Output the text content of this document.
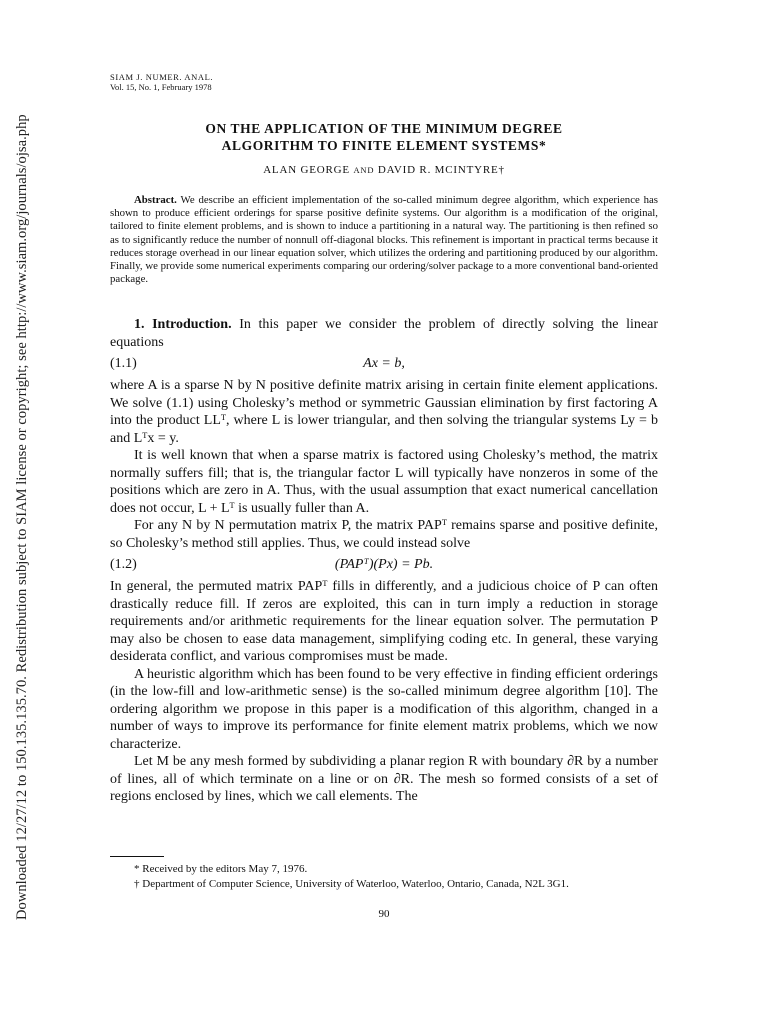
Downloaded 12/27/12 to 150.135.135.70. Redistribution subject to SIAM license or copyright; see http://www.siam.org/journals/ojsa.php
SIAM J. NUMER. ANAL.
Vol. 15, No. 1, February 1978
ON THE APPLICATION OF THE MINIMUM DEGREE
ALGORITHM TO FINITE ELEMENT SYSTEMS*
ALAN GEORGE AND DAVID R. MCINTYRE†

Abstract. We describe an efficient implementation of the so-called minimum degree algorithm, which experience has shown to produce efficient orderings for sparse positive definite systems. Our algorithm is a modification of the original, tailored to finite element problems, and is shown to induce a partitioning in a natural way. The partitioning is then refined so as to significantly reduce the number of nonnull off-diagonal blocks. This refinement is important in practical terms because it reduces storage overhead in our linear equation solver, which utilizes the ordering and partitioning produced by our algorithm. Finally, we provide some numerical experiments comparing our ordering/solver package to a more conventional band-oriented package.

1. Introduction. In this paper we consider the problem of directly solving the linear equations

(1.1)	Ax = b,

where A is a sparse N by N positive definite matrix arising in certain finite element applications. We solve (1.1) using Cholesky’s method or symmetric Gaussian elimination by first factoring A into the product LLᵀ, where L is lower triangular, and then solving the triangular systems Ly = b and Lᵀx = y.

It is well known that when a sparse matrix is factored using Cholesky’s method, the matrix normally suffers fill; that is, the triangular factor L will typically have nonzeros in some of the positions which are zero in A. Thus, with the usual assumption that exact numerical cancellation does not occur, L + Lᵀ is usually fuller than A.

For any N by N permutation matrix P, the matrix PAPᵀ remains sparse and positive definite, so Cholesky’s method still applies. Thus, we could instead solve

(1.2)	(PAPᵀ)(Px) = Pb.

In general, the permuted matrix PAPᵀ fills in differently, and a judicious choice of P can often drastically reduce fill. If zeros are exploited, this can in turn imply a reduction in storage requirements and/or arithmetic requirements for the linear equation solver. The permutation P may also be chosen to ease data management, simplifying coding etc. In general, these varying desiderata conflict, and various compromises must be made.

A heuristic algorithm which has been found to be very effective in finding efficient orderings (in the low-fill and low-arithmetic sense) is the so-called minimum degree algorithm [10]. The ordering algorithm we propose in this paper is a modification of this algorithm, changed in a number of ways to improve its performance for finite element matrix problems, which we now characterize.

Let M be any mesh formed by subdividing a planar region R with boundary ∂R by a number of lines, all of which terminate on a line or on ∂R. The mesh so formed consists of a set of regions enclosed by lines, which we call elements. The

* Received by the editors May 7, 1976.

† Department of Computer Science, University of Waterloo, Waterloo, Ontario, Canada, N2L 3G1.

90
